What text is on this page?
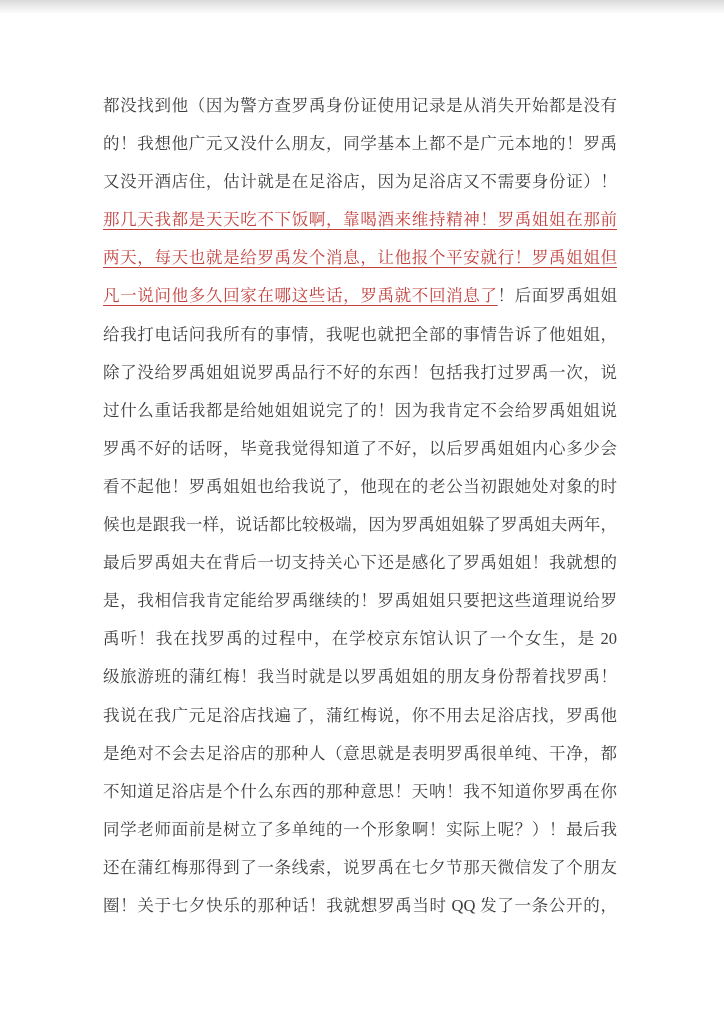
都没找到他（因为警方查罗禹身份证使用记录是从消失开始都是没有
的！我想他广元又没什么朋友，同学基本上都不是广元本地的！罗禹
又没开酒店住，估计就是在足浴店，因为足浴店又不需要身份证）！
那几天我都是天天吃不下饭啊，靠喝酒来维持精神！罗禹姐姐在那前
两天，每天也就是给罗禹发个消息，让他报个平安就行！罗禹姐姐但
凡一说问他多久回家在哪这些话，罗禹就不回消息了！后面罗禹姐姐
给我打电话问我所有的事情，我呢也就把全部的事情告诉了他姐姐，
除了没给罗禹姐姐说罗禹品行不好的东西！包括我打过罗禹一次，说
过什么重话我都是给她姐姐说完了的！因为我肯定不会给罗禹姐姐说
罗禹不好的话呀，毕竟我觉得知道了不好，以后罗禹姐姐内心多少会
看不起他！罗禹姐姐也给我说了，他现在的老公当初跟她处对象的时
候也是跟我一样，说话都比较极端，因为罗禹姐姐躲了罗禹姐夫两年，
最后罗禹姐夫在背后一切支持关心下还是感化了罗禹姐姐！我就想的
是，我相信我肯定能给罗禹继续的！罗禹姐姐只要把这些道理说给罗
禹听！我在找罗禹的过程中，在学校京东馆认识了一个女生，是 20
级旅游班的蒲红梅！我当时就是以罗禹姐姐的朋友身份帮着找罗禹！
我说在我广元足浴店找遍了，蒲红梅说，你不用去足浴店找，罗禹他
是绝对不会去足浴店的那种人（意思就是表明罗禹很单纯、干净，都
不知道足浴店是个什么东西的那种意思！天呐！我不知道你罗禹在你
同学老师面前是树立了多单纯的一个形象啊！实际上呢？）！最后我
还在蒲红梅那得到了一条线索，说罗禹在七夕节那天微信发了个朋友
圈！关于七夕快乐的那种话！我就想罗禹当时 QQ 发了一条公开的，
